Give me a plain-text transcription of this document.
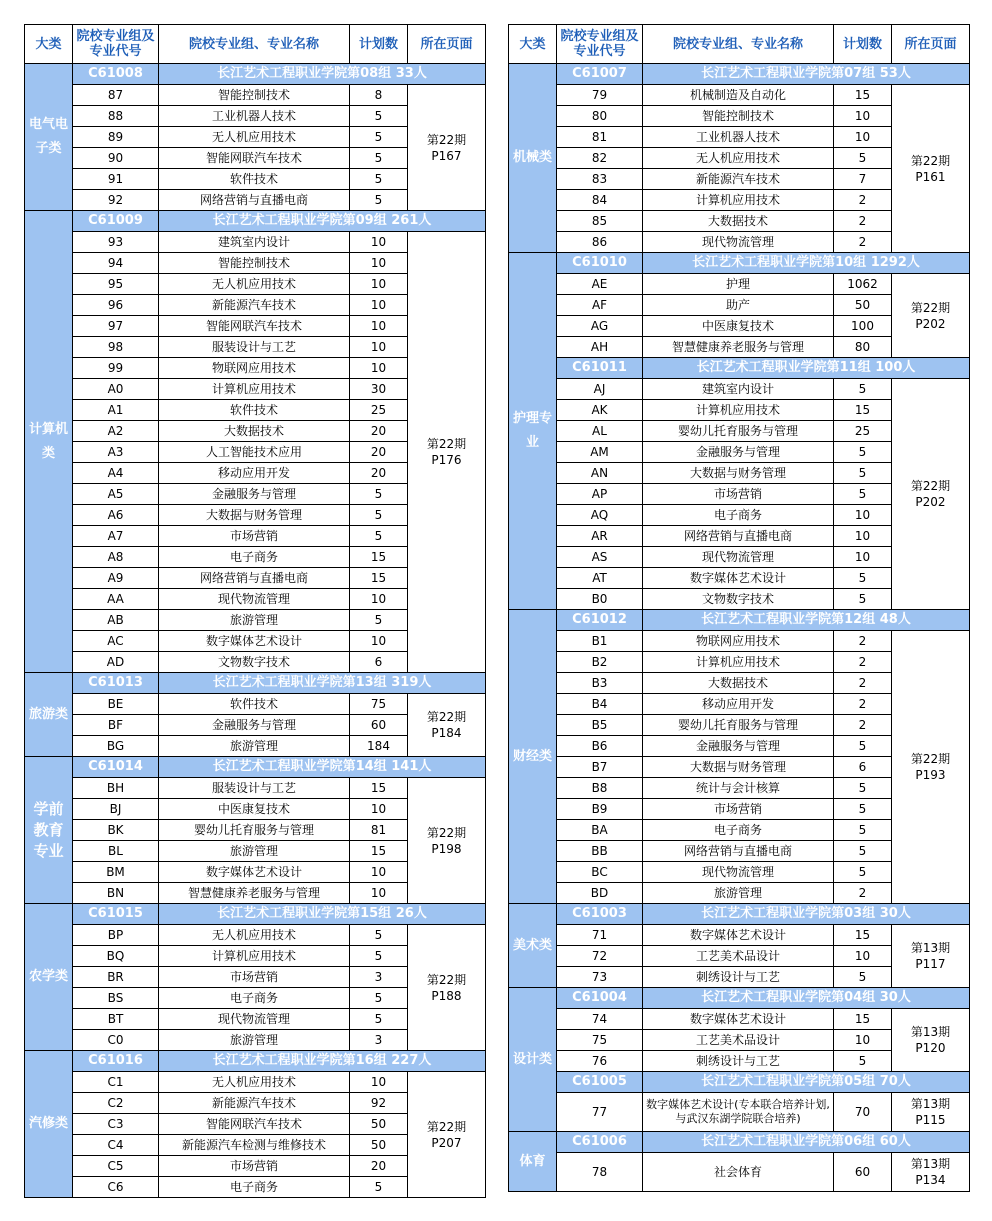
大类	院校专业组及专业代号	院校专业组、专业名称	计划数	所在页面
电气电子类	C61008	长江艺术工程职业学院第08组 33人		
	87	智能控制技术	8	第22期
P167
	88	工业机器人技术	5	
	89	无人机应用技术	5	
	90	智能网联汽车技术	5	
	91	软件技术	5	
	92	网络营销与直播电商	5	
计算机类	C61009	长江艺术工程职业学院第09组 261人		
	93	建筑室内设计	10	第22期
P176
	94	智能控制技术	10	
	95	无人机应用技术	10	
	96	新能源汽车技术	10	
	97	智能网联汽车技术	10	
	98	服装设计与工艺	10	
	99	物联网应用技术	10	
	A0	计算机应用技术	30	
	A1	软件技术	25	
	A2	大数据技术	20	
	A3	人工智能技术应用	20	
	A4	移动应用开发	20	
	A5	金融服务与管理	5	
	A6	大数据与财务管理	5	
	A7	市场营销	5	
	A8	电子商务	15	
	A9	网络营销与直播电商	15	
	AA	现代物流管理	10	
	AB	旅游管理	5	
	AC	数字媒体艺术设计	10	
	AD	文物数字技术	6	
旅游类	C61013	长江艺术工程职业学院第13组 319人		
	BE	软件技术	75	第22期
P184
	BF	金融服务与管理	60	
	BG	旅游管理	184	
学前教育专业	C61014	长江艺术工程职业学院第14组 141人		
	BH	服装设计与工艺	15	第22期
P198
	BJ	中医康复技术	10	
	BK	婴幼儿托育服务与管理	81	
	BL	旅游管理	15	
	BM	数字媒体艺术设计	10	
	BN	智慧健康养老服务与管理	10	
农学类	C61015	长江艺术工程职业学院第15组 26人		
	BP	无人机应用技术	5	第22期
P188
	BQ	计算机应用技术	5	
	BR	市场营销	3	
	BS	电子商务	5	
	BT	现代物流管理	5	
	C0	旅游管理	3	
汽修类	C61016	长江艺术工程职业学院第16组 227人		
	C1	无人机应用技术	10	第22期
P207
	C2	新能源汽车技术	92	
	C3	智能网联汽车技术	50	
	C4	新能源汽车检测与维修技术	50	
	C5	市场营销	20	
	C6	电子商务	5	
大类	院校专业组及专业代号	院校专业组、专业名称	计划数	所在页面
机械类	C61007	长江艺术工程职业学院第07组 53人		
	79	机械制造及自动化	15	第22期
P161
	80	智能控制技术	10	
	81	工业机器人技术	10	
	82	无人机应用技术	5	
	83	新能源汽车技术	7	
	84	计算机应用技术	2	
	85	大数据技术	2	
	86	现代物流管理	2	
护理专业	C61010	长江艺术工程职业学院第10组 1292人		
	AE	护理	1062	第22期
P202
	AF	助产	50	
	AG	中医康复技术	100	
	AH	智慧健康养老服务与管理	80	
	C61011	长江艺术工程职业学院第11组 100人		
	AJ	建筑室内设计	5	第22期
P202
	AK	计算机应用技术	15	
	AL	婴幼儿托育服务与管理	25	
	AM	金融服务与管理	5	
	AN	大数据与财务管理	5	
	AP	市场营销	5	
	AQ	电子商务	10	
	AR	网络营销与直播电商	10	
	AS	现代物流管理	10	
	AT	数字媒体艺术设计	5	
	B0	文物数字技术	5	
财经类	C61012	长江艺术工程职业学院第12组 48人		
	B1	物联网应用技术	2	第22期
P193
	B2	计算机应用技术	2	
	B3	大数据技术	2	
	B4	移动应用开发	2	
	B5	婴幼儿托育服务与管理	2	
	B6	金融服务与管理	5	
	B7	大数据与财务管理	6	
	B8	统计与会计核算	5	
	B9	市场营销	5	
	BA	电子商务	5	
	BB	网络营销与直播电商	5	
	BC	现代物流管理	5	
	BD	旅游管理	2	
美术类	C61003	长江艺术工程职业学院第03组 30人		
	71	数字媒体艺术设计	15	第13期
P117
	72	工艺美术品设计	10	
	73	刺绣设计与工艺	5	
设计类	C61004	长江艺术工程职业学院第04组 30人		
	74	数字媒体艺术设计	15	第13期
P120
	75	工艺美术品设计	10	
	76	刺绣设计与工艺	5	
	C61005	长江艺术工程职业学院第05组 70人		
	77	数字媒体艺术设计(专本联合培养计划,与武汉东湖学院联合培养)	70	第13期
P115
体育	C61006	长江艺术工程职业学院第06组 60人		
	78	社会体育	60	第13期
P134
